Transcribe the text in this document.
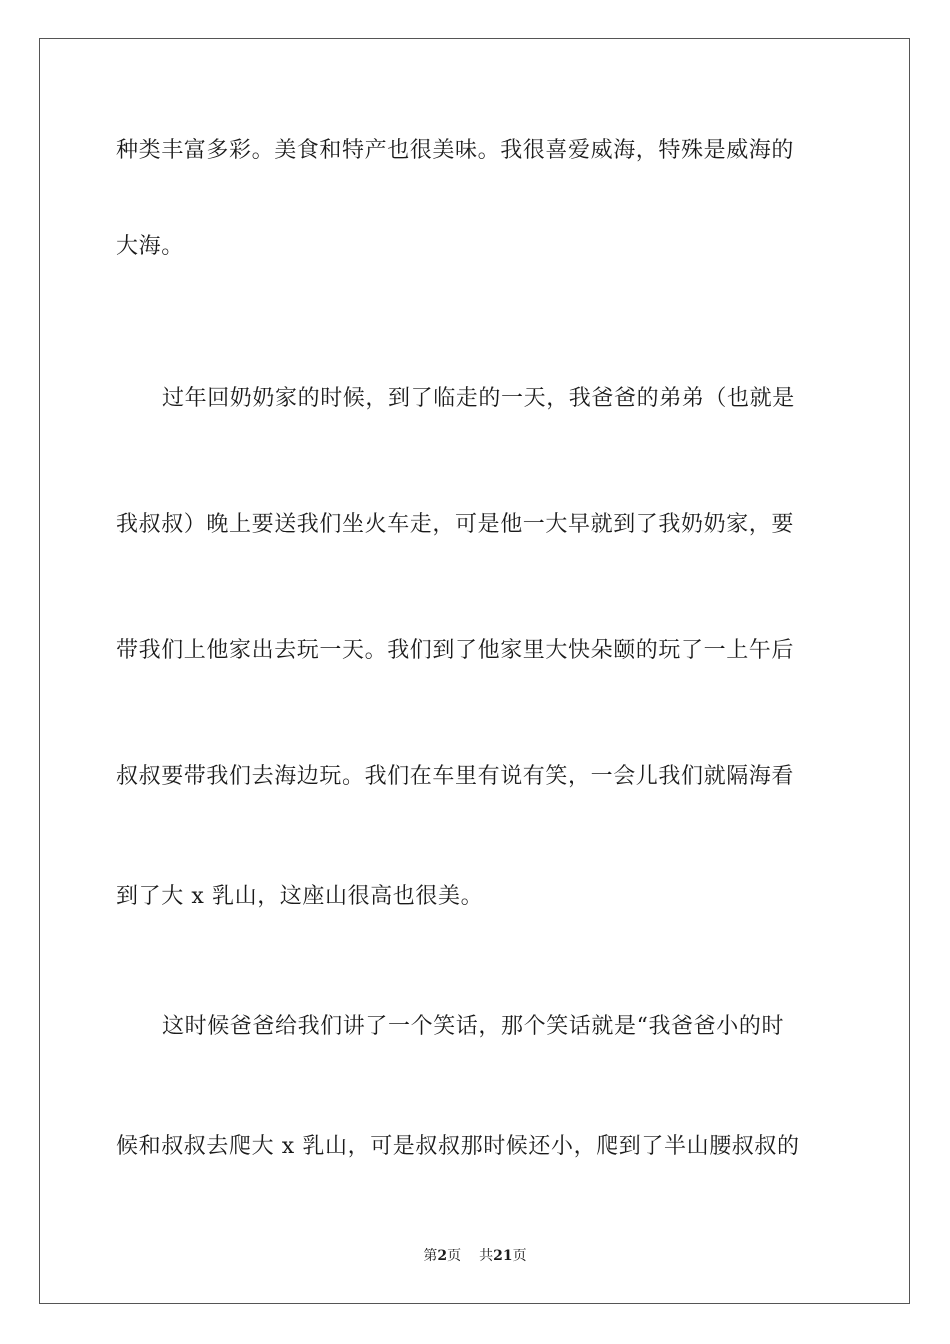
种类丰富多彩。美食和特产也很美味。我很喜爱威海，特殊是威海的
大海。
过年回奶奶家的时候，到了临走的一天，我爸爸的弟弟（也就是
我叔叔）晚上要送我们坐火车走，可是他一大早就到了我奶奶家，要
带我们上他家出去玩一天。我们到了他家里大快朵颐的玩了一上午后
叔叔要带我们去海边玩。我们在车里有说有笑，一会儿我们就隔海看
到了大 x 乳山，这座山很高也很美。
这时候爸爸给我们讲了一个笑话，那个笑话就是“我爸爸小的时
候和叔叔去爬大 x 乳山，可是叔叔那时候还小，爬到了半山腰叔叔的
第2页 共21页
